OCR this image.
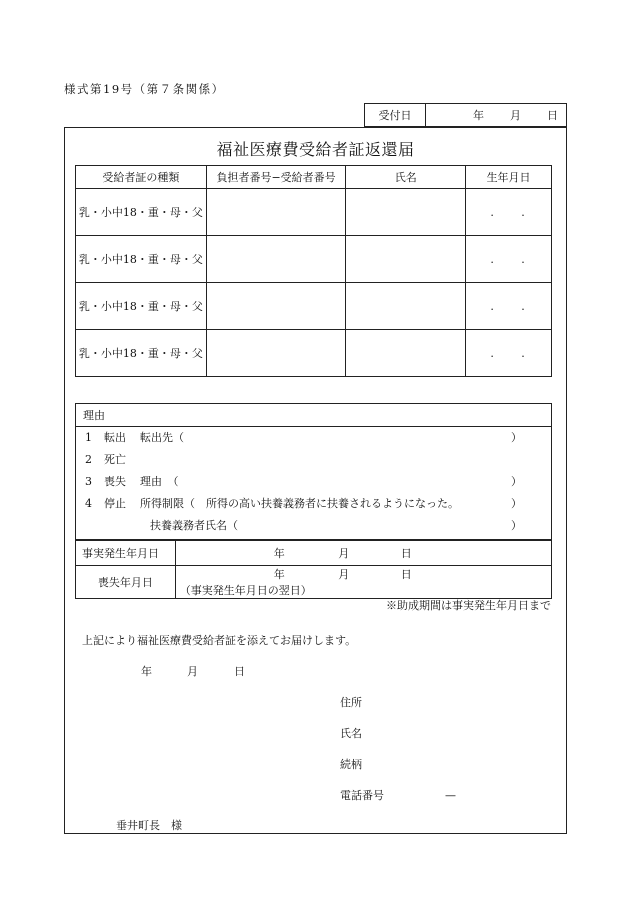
様式第19号（第７条関係）
受付日	年 月 日
福祉医療費受給者証返還届
受給者証の種類	負担者番号−受給者番号	氏名	生年月日
乳・小中18・重・母・父			. .
乳・小中18・重・母・父			. .
乳・小中18・重・母・父			. .
乳・小中18・重・母・父			. .
理由
1 転出 転出先（	）
2 死亡
3 喪失 理由　（	）
4 停止 所得制限（　所得の高い扶養義務者に扶養されるようになった。	）
扶養義務者氏名（	）
事実発生年月日	年 月 日
喪失年月日	年 月 日 （事実発生年月日の翌日）
※助成期間は事実発生年月日まで
上記により福祉医療費受給者証を添えてお届けします。
年	月	日
住所
氏名
続柄
電話番号	—
垂井町長　様
